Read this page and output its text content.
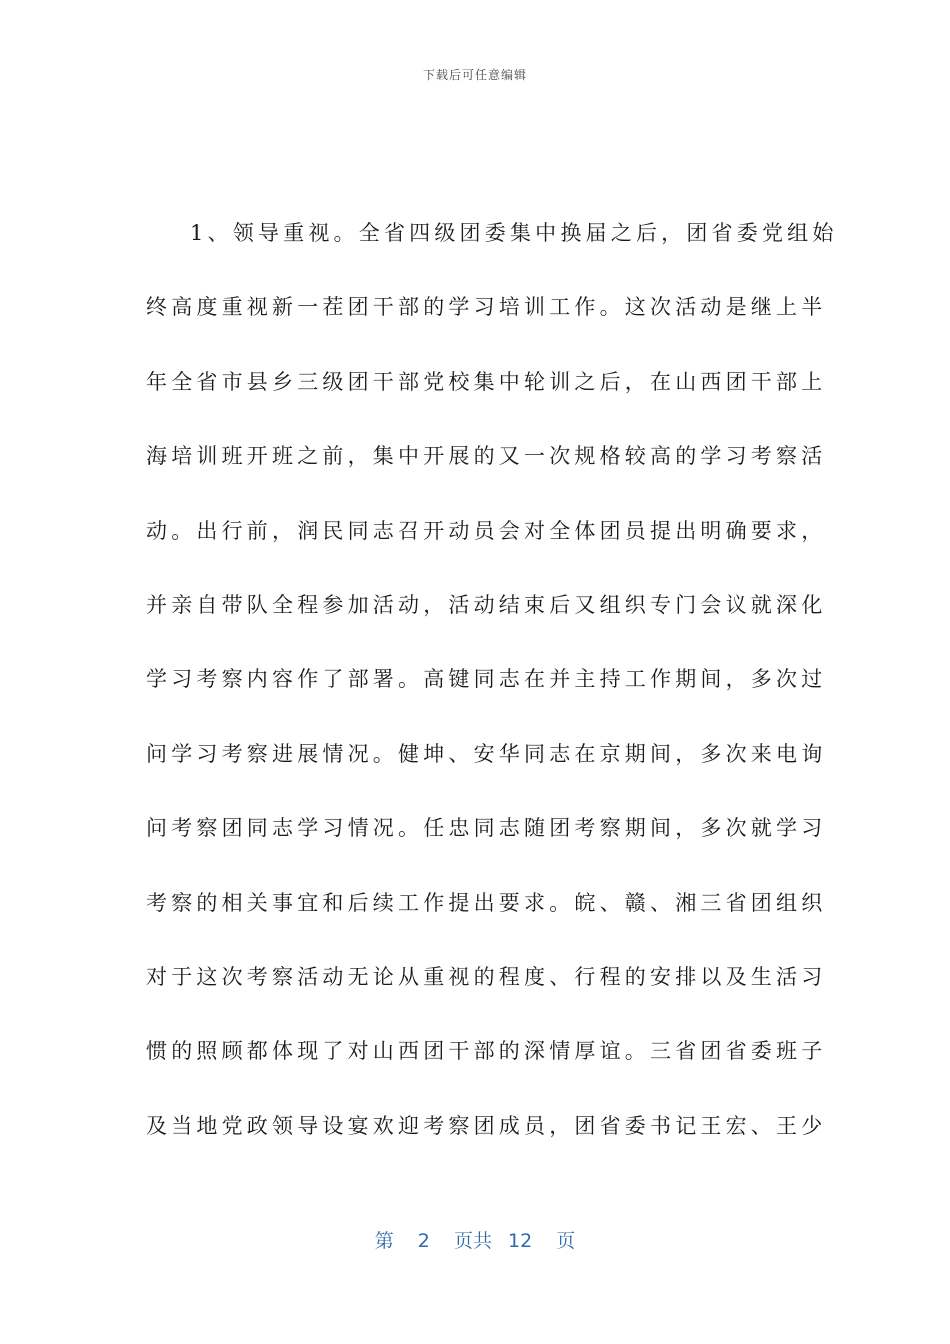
下载后可任意编辑
1、领导重视。全省四级团委集中换届之后，团省委党组始
终高度重视新一茬团干部的学习培训工作。这次活动是继上半
年全省市县乡三级团干部党校集中轮训之后，在山西团干部上
海培训班开班之前，集中开展的又一次规格较高的学习考察活
动。出行前，润民同志召开动员会对全体团员提出明确要求，
并亲自带队全程参加活动，活动结束后又组织专门会议就深化
学习考察内容作了部署。高键同志在并主持工作期间，多次过
问学习考察进展情况。健坤、安华同志在京期间，多次来电询
问考察团同志学习情况。任忠同志随团考察期间，多次就学习
考察的相关事宜和后续工作提出要求。皖、赣、湘三省团组织
对于这次考察活动无论从重视的程度、行程的安排以及生活习
惯的照顾都体现了对山西团干部的深情厚谊。三省团省委班子
及当地党政领导设宴欢迎考察团成员，团省委书记王宏、王少
第 2 页共 12 页
